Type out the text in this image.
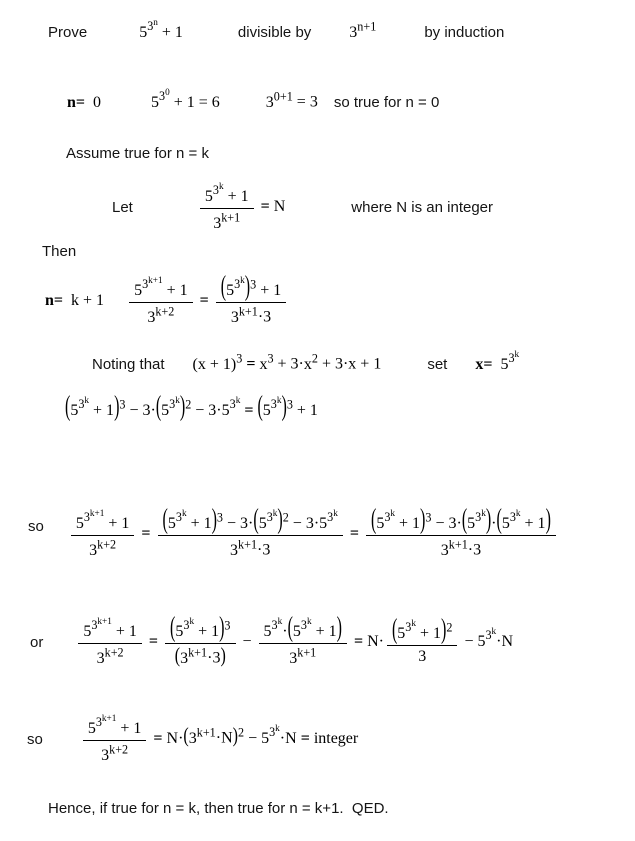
Prove	$5^{3^n} + 1$	divisible by $3^{n+1}$	by induction
n=  0	$5^{3^0} + 1 = 6$	$3^{0+1} = 3$ so true for n = 0
Assume true for n = k
Let	$\frac{5^{3^k} + 1}{3^{k+1}} = N$	where N is an integer
Then
$n= k + 1 \frac{5^{3^{k+1}} + 1}{3^{k+2}} = \frac{(5^{3^k})^3 + 1}{3^{k+1}\cdot 3}$
Noting that $(x + 1)^3 = x^3 + 3\cdot x^2 + 3\cdot x + 1$	set $x= 5^{3^k}$
$(5^{3^k} + 1)^3 - 3\cdot(5^{3^k})^2 - 3\cdot 5^{3^k} = (5^{3^k})^3 + 1$
so $\frac{5^{3^{k+1}} + 1}{3^{k+2}} = \frac{(5^{3^k} + 1)^3 - 3\cdot(5^{3^k})^2 - 3\cdot 5^{3^k}}{3^{k+1}\cdot 3} = \frac{(5^{3^k} + 1)^3 - 3\cdot(5^{3^k})\cdot(5^{3^k} + 1)}{3^{k+1}\cdot 3}$
or $\frac{5^{3^{k+1}} + 1}{3^{k+2}} = \frac{(5^{3^k} + 1)^3}{(3^{k+1}\cdot 3)} - \frac{5^{3^k}\cdot(5^{3^k} + 1)}{3^{k+1}} = N\cdot \frac{(5^{3^k} + 1)^2}{3} - 5^{3^k}\cdot N$
so	$\frac{5^{3^{k+1}} + 1}{3^{k+2}} = N\cdot(3^{k+1}\cdot N)^2 - 5^{3^k}\cdot N$ = integer
Hence, if true for n = k, then true for n = k+1.  QED.
